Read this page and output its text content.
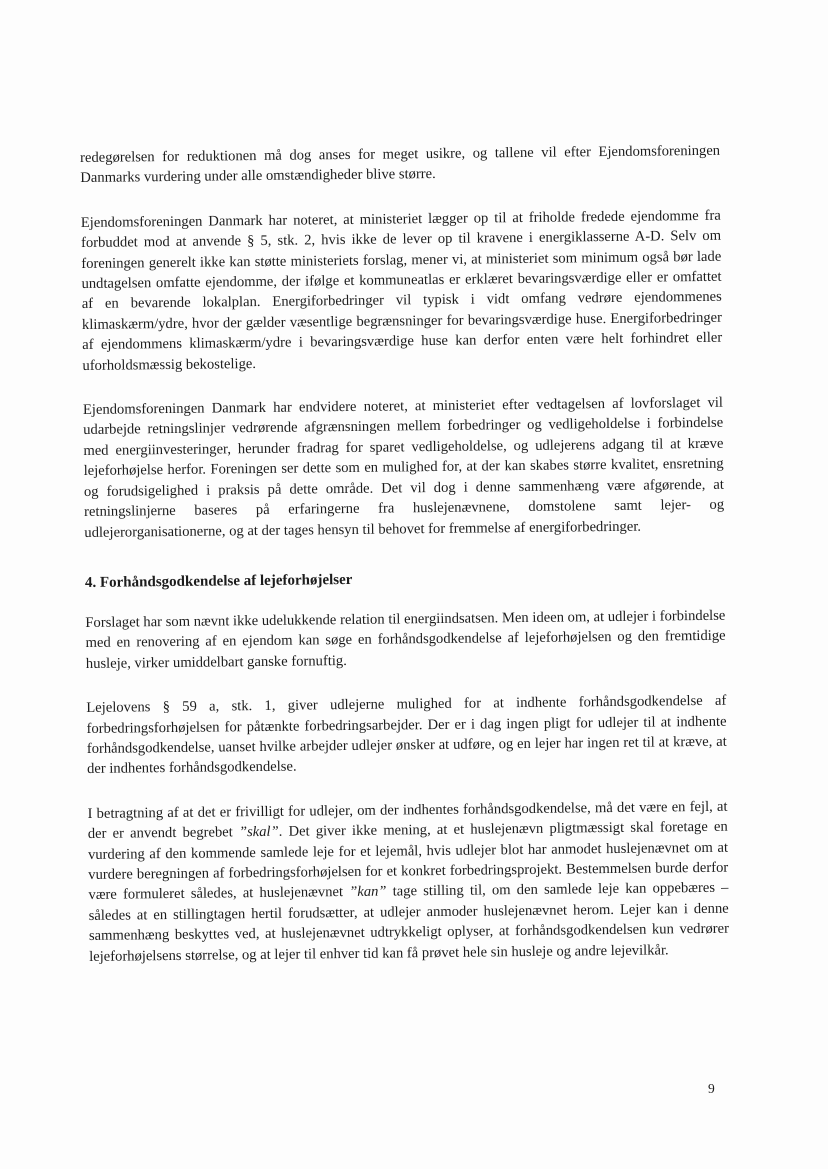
redegørelsen for reduktionen må dog anses for meget usikre, og tallene vil efter Ejendomsforeningen Danmarks vurdering under alle omstændigheder blive større.

Ejendomsforeningen Danmark har noteret, at ministeriet lægger op til at friholde fredede ejendomme fra forbuddet mod at anvende § 5, stk. 2, hvis ikke de lever op til kravene i energiklasserne A-D. Selv om foreningen generelt ikke kan støtte ministeriets forslag, mener vi, at ministeriet som minimum også bør lade undtagelsen omfatte ejendomme, der ifølge et kommuneatlas er erklæret bevaringsværdige eller er omfattet af en bevarende lokalplan. Energiforbedringer vil typisk i vidt omfang vedrøre ejendommenes klimaskærm/ydre, hvor der gælder væsentlige begrænsninger for bevaringsværdige huse. Energiforbedringer af ejendommens klimaskærm/ydre i bevaringsværdige huse kan derfor enten være helt forhindret eller uforholdsmæssig bekostelige.

Ejendomsforeningen Danmark har endvidere noteret, at ministeriet efter vedtagelsen af lovforslaget vil udarbejde retningslinjer vedrørende afgrænsningen mellem forbedringer og vedligeholdelse i forbindelse med energiinvesteringer, herunder fradrag for sparet vedligeholdelse, og udlejerens adgang til at kræve lejeforhøjelse herfor. Foreningen ser dette som en mulighed for, at der kan skabes større kvalitet, ensretning og forudsigelighed i praksis på dette område. Det vil dog i denne sammenhæng være afgørende, at retningslinjerne baseres på erfaringerne fra huslejenævnene, domstolene samt lejer- og udlejerorganisationerne, og at der tages hensyn til behovet for fremmelse af energiforbedringer.

4. Forhåndsgodkendelse af lejeforhøjelser

Forslaget har som nævnt ikke udelukkende relation til energiindsatsen. Men ideen om, at udlejer i forbindelse med en renovering af en ejendom kan søge en forhåndsgodkendelse af lejeforhøjelsen og den fremtidige husleje, virker umiddelbart ganske fornuftig.

Lejelovens § 59 a, stk. 1, giver udlejerne mulighed for at indhente forhåndsgodkendelse af forbedringsforhøjelsen for påtænkte forbedringsarbejder. Der er i dag ingen pligt for udlejer til at indhente forhåndsgodkendelse, uanset hvilke arbejder udlejer ønsker at udføre, og en lejer har ingen ret til at kræve, at der indhentes forhåndsgodkendelse.

I betragtning af at det er frivilligt for udlejer, om der indhentes forhåndsgodkendelse, må det være en fejl, at der er anvendt begrebet ”skal”. Det giver ikke mening, at et huslejenævn pligtmæssigt skal foretage en vurdering af den kommende samlede leje for et lejemål, hvis udlejer blot har anmodet huslejenævnet om at vurdere beregningen af forbedringsforhøjelsen for et konkret forbedringsprojekt. Bestemmelsen burde derfor være formuleret således, at huslejenævnet ”kan” tage stilling til, om den samlede leje kan oppebæres – således at en stillingtagen hertil forudsætter, at udlejer anmoder huslejenævnet herom. Lejer kan i denne sammenhæng beskyttes ved, at huslejenævnet udtrykkeligt oplyser, at forhåndsgodkendelsen kun vedrører lejeforhøjelsens størrelse, og at lejer til enhver tid kan få prøvet hele sin husleje og andre lejevilkår.

9
